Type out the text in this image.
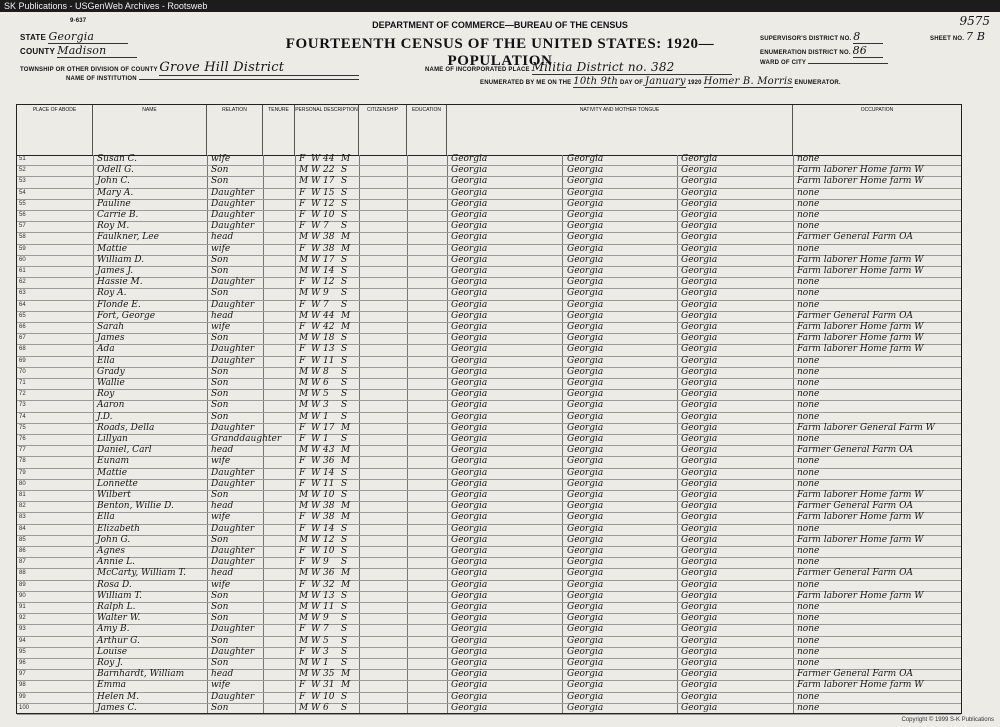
SK Publications - USGenWeb Archives - Rootsweb
9-637	DEPARTMENT OF COMMERCE—BUREAU OF THE CENSUS
FOURTEENTH CENSUS OF THE UNITED STATES: 1920—POPULATION
9575
STATE Georgia
COUNTY Madison
TOWNSHIP OR OTHER DIVISION OF COUNTY Grove Hill District	NAME OF INCORPORATED PLACE Militia District no. 382
NAME OF INSTITUTION
ENUMERATED BY ME ON THE 10th 9th DAY OF January 1920 Homer B. Morris ENUMERATOR.
SUPERVISOR'S DISTRICT NO. 8
ENUMERATION DISTRICT NO. 86
SHEET NO. 7 B
WARD OF CITY
PLACE OF ABODE	NAME	RELATION	TENURE	PERSONAL DESCRIPTION	CITIZENSHIP	EDUCATION	NATIVITY AND MOTHER TONGUE	OCCUPATION
51	Susan C.	wife	F W 44 M	Georgia	Georgia	Georgia	none
52	Odell G.	Son	M W 22 S	Georgia	Georgia	Georgia	Farm laborer Home farm W
53	John C.	Son	M W 17 S	Georgia	Georgia	Georgia	Farm laborer Home farm W
54	Mary A.	Daughter	F W 15 S	Georgia	Georgia	Georgia	none
55	Pauline	Daughter	F W 12 S	Georgia	Georgia	Georgia	none
56	Carrie B.	Daughter	F W 10 S	Georgia	Georgia	Georgia	none
57	Roy M.	Daughter	F W 7 S	Georgia	Georgia	Georgia	none
58	Faulkner, Lee	head	M W 38 M	Georgia	Georgia	Georgia	Farmer General Farm OA
59	Mattie	wife	F W 38 M	Georgia	Georgia	Georgia	none
60	William D.	Son	M W 17 S	Georgia	Georgia	Georgia	Farm laborer Home farm W
61	James J.	Son	M W 14 S	Georgia	Georgia	Georgia	Farm laborer Home farm W
62	Hassie M.	Daughter	F W 12 S	Georgia	Georgia	Georgia	none
63	Roy A.	Son	M W 9 S	Georgia	Georgia	Georgia	none
64	Flonde E.	Daughter	F W 7 S	Georgia	Georgia	Georgia	none
65	Fort, George	head	M W 44 M	Georgia	Georgia	Georgia	Farmer General Farm OA
66	Sarah	wife	F W 42 M	Georgia	Georgia	Georgia	Farm laborer Home farm W
67	James	Son	M W 18 S	Georgia	Georgia	Georgia	Farm laborer Home farm W
68	Ada	Daughter	F W 13 S	Georgia	Georgia	Georgia	Farm laborer Home farm W
69	Ella	Daughter	F W 11 S	Georgia	Georgia	Georgia	none
70	Grady	Son	M W 8 S	Georgia	Georgia	Georgia	none
71	Wallie	Son	M W 6 S	Georgia	Georgia	Georgia	none
72	Roy	Son	M W 5 S	Georgia	Georgia	Georgia	none
73	Aaron	Son	M W 3 S	Georgia	Georgia	Georgia	none
74	J.D.	Son	M W 1 S	Georgia	Georgia	Georgia	none
75	Roads, Della	Daughter	F W 17 M	Georgia	Georgia	Georgia	Farm laborer General Farm W
76	Lillyan	Granddaughter F W 1 S	Georgia	Georgia	Georgia	none
77	Daniel, Carl	head	M W 43 M	Georgia	Georgia	Georgia	Farmer General Farm OA
78	Eunam	wife	F W 36 M	Georgia	Georgia	Georgia	none
79	Mattie	Daughter	F W 14 S	Georgia	Georgia	Georgia	none
80	Lonnette	Daughter	F W 11 S	Georgia	Georgia	Georgia	none
81	Wilbert	Son	M W 10 S	Georgia	Georgia	Georgia	Farm laborer Home farm W
82	Benton, Willie D.	head	M W 38 M	Georgia	Georgia	Georgia	Farmer General Farm OA
83	Ella	wife	F W 38 M	Georgia	Georgia	Georgia	Farm laborer Home farm W
84	Elizabeth	Daughter	F W 14 S	Georgia	Georgia	Georgia	none
85	John G.	Son	M W 12 S	Georgia	Georgia	Georgia	Farm laborer Home farm W
86	Agnes	Daughter	F W 10 S	Georgia	Georgia	Georgia	none
87	Annie L.	Daughter	F W 9 S	Georgia	Georgia	Georgia	none
88	McCarty, William T.	head	M W 36 M	Georgia	Georgia	Georgia	Farmer General Farm OA
89	Rosa D.	wife	F W 32 M	Georgia	Georgia	Georgia	none
90	William T.	Son	M W 13 S	Georgia	Georgia	Georgia	Farm laborer Home farm W
91	Ralph L.	Son	M W 11 S	Georgia	Georgia	Georgia	none
92	Walter W.	Son	M W 9 S	Georgia	Georgia	Georgia	none
93	Amy B.	Daughter	F W 7 S	Georgia	Georgia	Georgia	none
94	Arthur G.	Son	M W 5 S	Georgia	Georgia	Georgia	none
95	Louise	Daughter	F W 3 S	Georgia	Georgia	Georgia	none
96	Roy J.	Son	M W 1 S	Georgia	Georgia	Georgia	none
97	Barnhardt, William	head	M W 35 M	Georgia	Georgia	Georgia	Farmer General Farm OA
98	Emma	wife	F W 31 M	Georgia	Georgia	Georgia	Farm laborer Home farm W
99	Helen M.	Daughter	F W 10 S	Georgia	Georgia	Georgia	none
100	James C.	Son	M W 6 S	Georgia	Georgia	Georgia	none
Copyright © 1999 S-K Publications
